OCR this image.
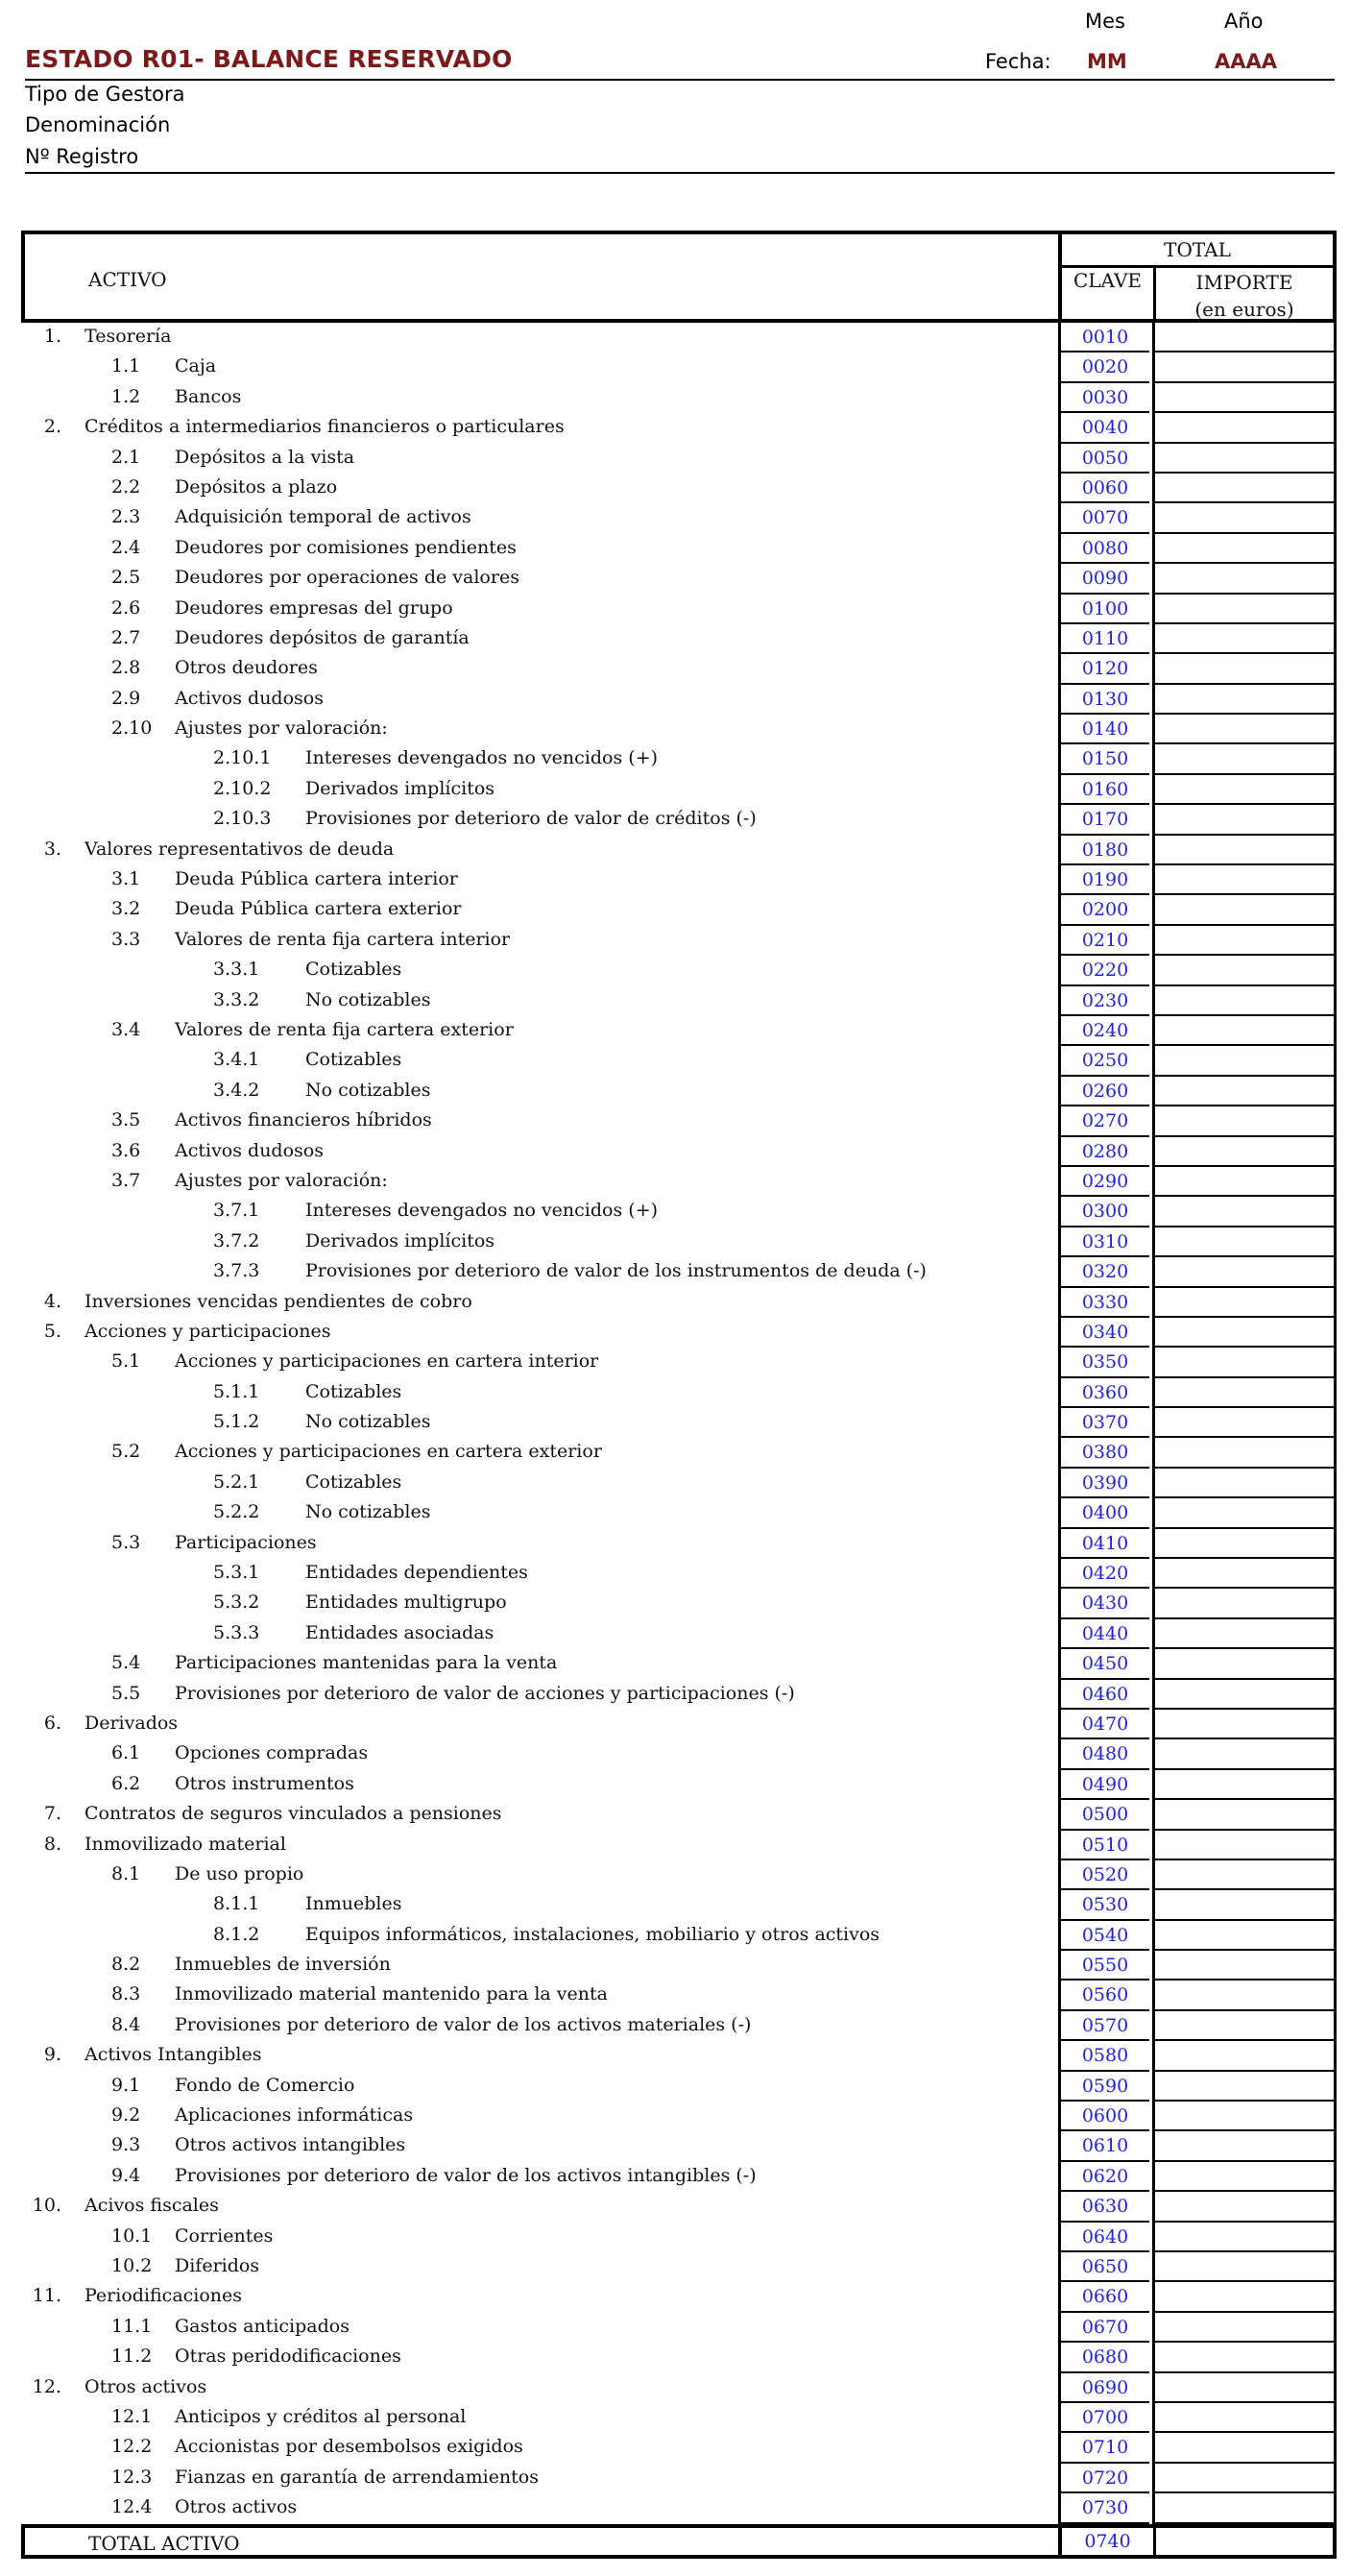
Mes	Año
ESTADO R01- BALANCE RESERVADO	Fecha: MM	AAAA
Tipo de Gestora
Denominación
Nº Registro
ACTIVO
TOTAL
CLAVE	IMPORTE
(en euros)
1. Tesorería	0010
1.1	Caja	0020
1.2	Bancos	0030
2. Créditos a intermediarios financieros o particulares	0040
2.1	Depósitos a la vista	0050
2.2	Depósitos a plazo	0060
2.3	Adquisición temporal de activos	0070
2.4	Deudores por comisiones pendientes	0080
2.5	Deudores por operaciones de valores	0090
2.6	Deudores empresas del grupo	0100
2.7	Deudores depósitos de garantía	0110
2.8	Otros deudores	0120
2.9	Activos dudosos	0130
2.10 Ajustes por valoración:	0140
2.10.1	Intereses devengados no vencidos (+)	0150
2.10.2	Derivados implícitos	0160
2.10.3	Provisiones por deterioro de valor de créditos (-)	0170
3. Valores representativos de deuda	0180
3.1	Deuda Pública cartera interior	0190
3.2	Deuda Pública cartera exterior	0200
3.3	Valores de renta fija cartera interior	0210
3.3.1	Cotizables	0220
3.3.2	No cotizables	0230
3.4	Valores de renta fija cartera exterior	0240
3.4.1	Cotizables	0250
3.4.2	No cotizables	0260
3.5	Activos financieros híbridos	0270
3.6	Activos dudosos	0280
3.7	Ajustes por valoración:	0290
3.7.1	Intereses devengados no vencidos (+)	0300
3.7.2	Derivados implícitos	0310
3.7.3	Provisiones por deterioro de valor de los instrumentos de deuda (-)	0320
4. Inversiones vencidas pendientes de cobro	0330
5. Acciones y participaciones	0340
5.1	Acciones y participaciones en cartera interior	0350
5.1.1	Cotizables	0360
5.1.2	No cotizables	0370
5.2	Acciones y participaciones en cartera exterior	0380
5.2.1	Cotizables	0390
5.2.2	No cotizables	0400
5.3	Participaciones	0410
5.3.1	Entidades dependientes	0420
5.3.2	Entidades multigrupo	0430
5.3.3	Entidades asociadas	0440
5.4	Participaciones mantenidas para la venta	0450
5.5	Provisiones por deterioro de valor de acciones y participaciones (-)	0460
6. Derivados	0470
6.1	Opciones compradas	0480
6.2	Otros instrumentos	0490
7. Contratos de seguros vinculados a pensiones	0500
8. Inmovilizado material	0510
8.1	De uso propio	0520
8.1.1	Inmuebles	0530
8.1.2	Equipos informáticos, instalaciones, mobiliario y otros activos	0540
8.2	Inmuebles de inversión	0550
8.3	Inmovilizado material mantenido para la venta	0560
8.4	Provisiones por deterioro de valor de los activos materiales (-)	0570
9. Activos Intangibles	0580
9.1	Fondo de Comercio	0590
9.2	Aplicaciones informáticas	0600
9.3	Otros activos intangibles	0610
9.4	Provisiones por deterioro de valor de los activos intangibles (-)	0620
10. Acivos fiscales	0630
10.1 Corrientes	0640
10.2 Diferidos	0650
11. Periodificaciones	0660
11.1 Gastos anticipados	0670
11.2 Otras peridodificaciones	0680
12. Otros activos	0690
12.1 Anticipos y créditos al personal	0700
12.2 Accionistas por desembolsos exigidos	0710
12.3 Fianzas en garantía de arrendamientos	0720
12.4 Otros activos	0730
TOTAL ACTIVO	0740
